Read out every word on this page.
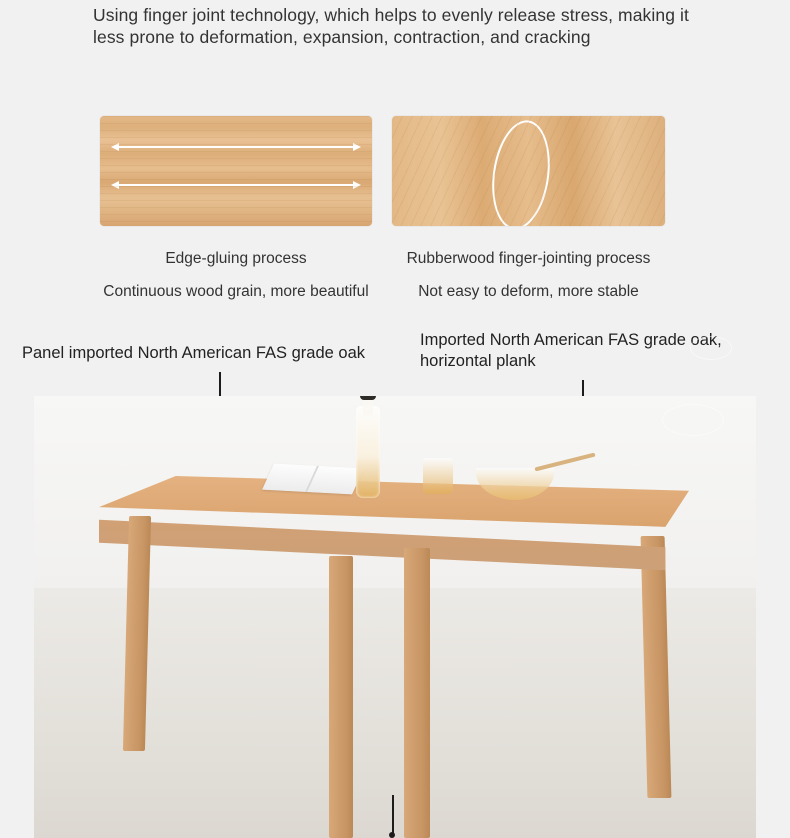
Using finger joint technology, which helps to evenly release stress, making it less prone to deformation, expansion, contraction, and cracking
Edge-gluing process
Continuous wood grain, more beautiful
Rubberwood finger-jointing process
Not easy to deform, more stable
Panel imported North American FAS grade oak
Imported North American FAS grade oak, horizontal plank
